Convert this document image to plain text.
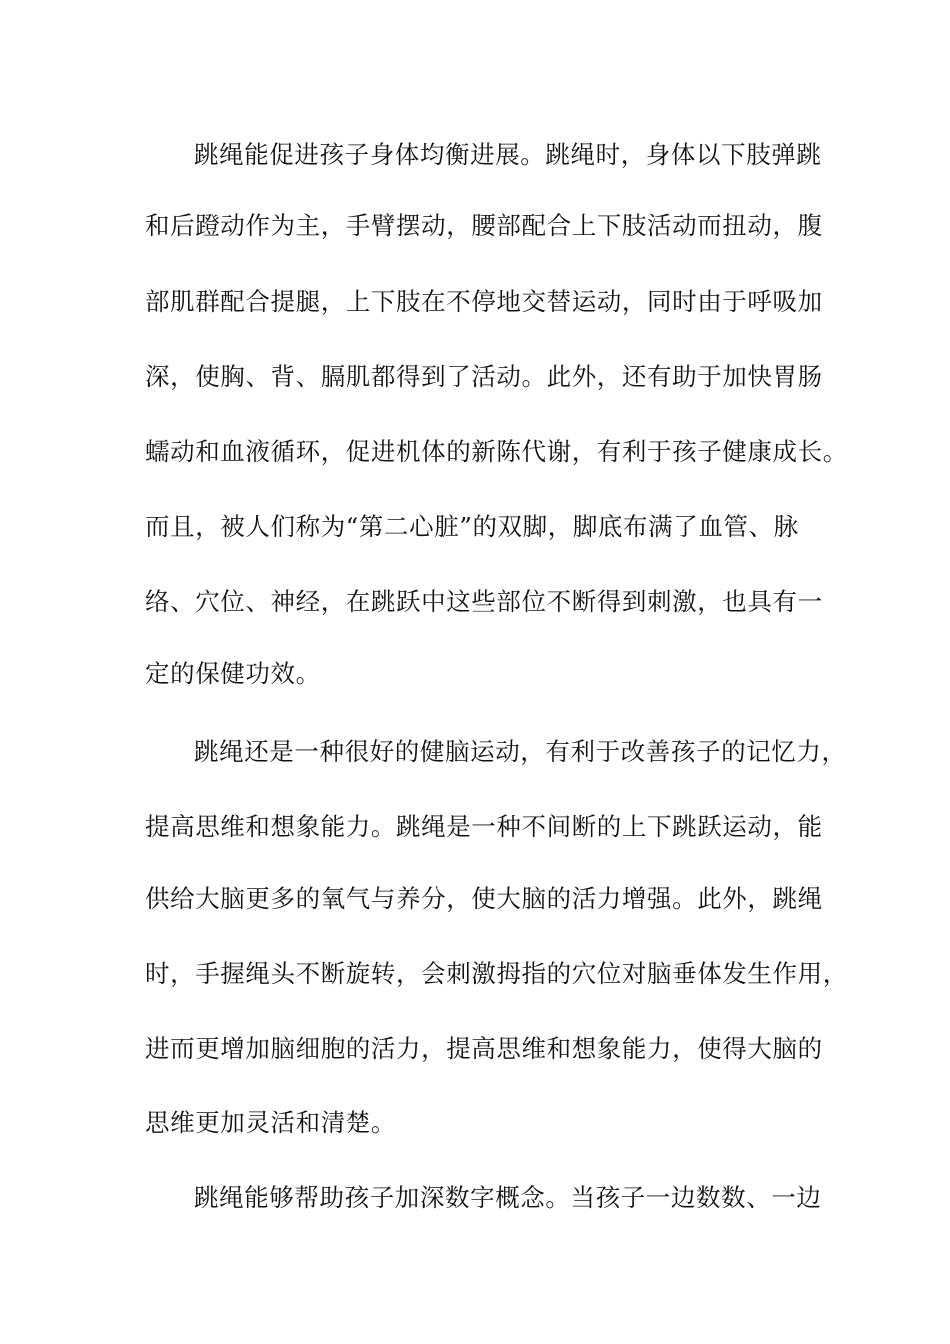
跳绳能促进孩子身体均衡进展。跳绳时，身体以下肢弹跳
和后蹬动作为主，手臂摆动，腰部配合上下肢活动而扭动，腹
部肌群配合提腿，上下肢在不停地交替运动，同时由于呼吸加
深，使胸、背、膈肌都得到了活动。此外，还有助于加快胃肠
蠕动和血液循环，促进机体的新陈代谢，有利于孩子健康成长。
而且，被人们称为“第二心脏”的双脚，脚底布满了血管、脉
络、穴位、神经，在跳跃中这些部位不断得到刺激，也具有一
定的保健功效。
跳绳还是一种很好的健脑运动，有利于改善孩子的记忆力，
提高思维和想象能力。跳绳是一种不间断的上下跳跃运动，能
供给大脑更多的氧气与养分，使大脑的活力增强。此外，跳绳
时，手握绳头不断旋转，会刺激拇指的穴位对脑垂体发生作用，
进而更增加脑细胞的活力，提高思维和想象能力，使得大脑的
思维更加灵活和清楚。
跳绳能够帮助孩子加深数字概念。当孩子一边数数、一边
